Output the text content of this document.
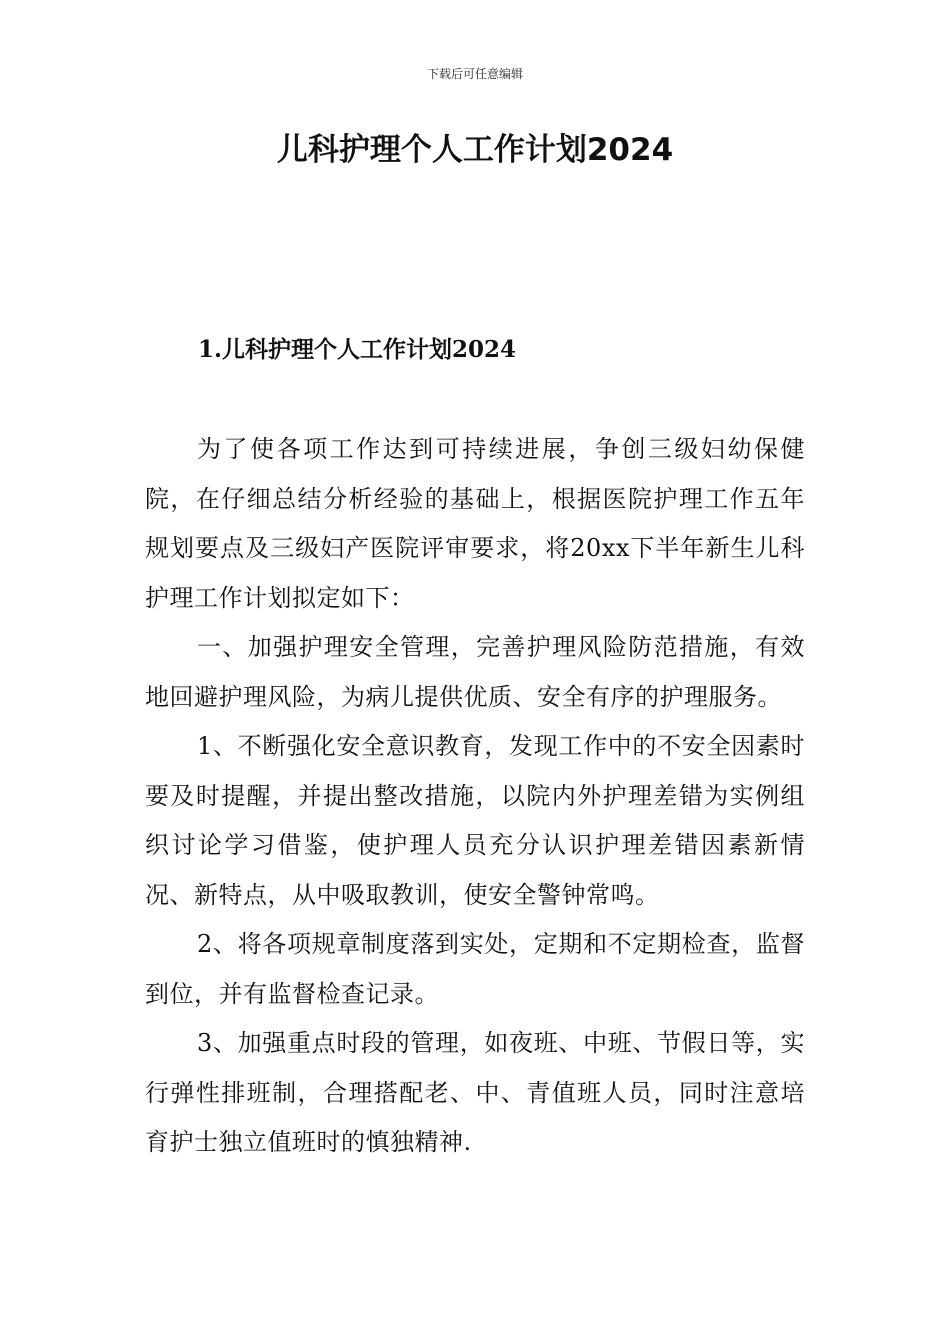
下载后可任意编辑
儿科护理个人工作计划2024
1.儿科护理个人工作计划2024

为了使各项工作达到可持续进展，争创三级妇幼保健院，在仔细总结分析经验的基础上，根据医院护理工作五年规划要点及三级妇产医院评审要求，将20xx下半年新生儿科护理工作计划拟定如下：

一、加强护理安全管理，完善护理风险防范措施，有效地回避护理风险，为病儿提供优质、安全有序的护理服务。

1、不断强化安全意识教育，发现工作中的不安全因素时要及时提醒，并提出整改措施，以院内外护理差错为实例组织讨论学习借鉴，使护理人员充分认识护理差错因素新情况、新特点，从中吸取教训，使安全警钟常鸣。

2、将各项规章制度落到实处，定期和不定期检查，监督到位，并有监督检查记录。

3、加强重点时段的管理，如夜班、中班、节假日等，实行弹性排班制，合理搭配老、中、青值班人员，同时注意培育护士独立值班时的慎独精神.
